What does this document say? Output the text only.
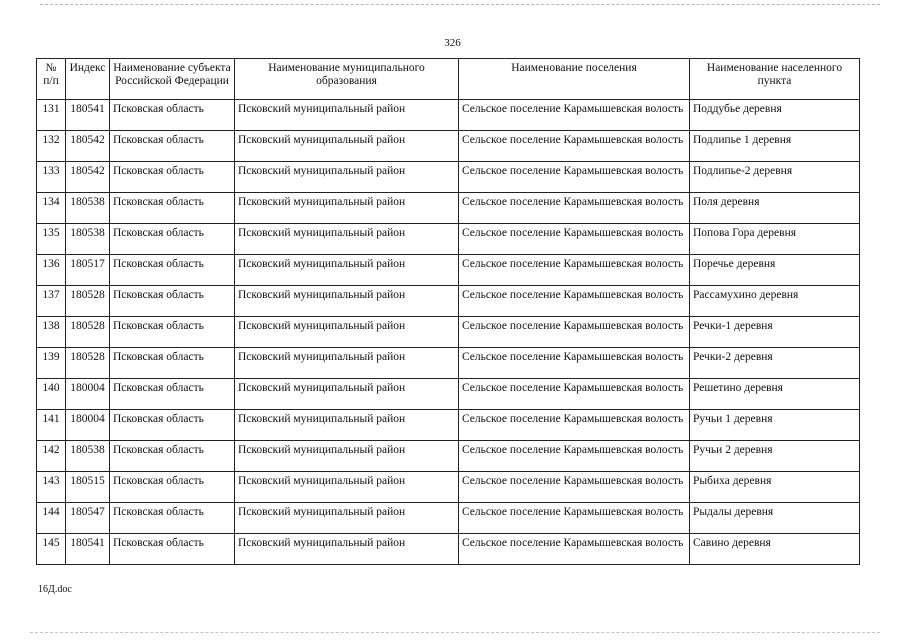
326
№ п/п	Индекс	Наименование субъекта Российской Федерации	Наименование муниципального образования	Наименование поселения	Наименование населенного пункта
131	180541	Псковская область	Псковский муниципальный район	Сельское поселение Карамышевская волость	Поддубье деревня
132	180542	Псковская область	Псковский муниципальный район	Сельское поселение Карамышевская волость	Подлипье 1 деревня
133	180542	Псковская область	Псковский муниципальный район	Сельское поселение Карамышевская волость	Подлипье-2 деревня
134	180538	Псковская область	Псковский муниципальный район	Сельское поселение Карамышевская волость	Поля деревня
135	180538	Псковская область	Псковский муниципальный район	Сельское поселение Карамышевская волость	Попова Гора деревня
136	180517	Псковская область	Псковский муниципальный район	Сельское поселение Карамышевская волость	Поречье деревня
137	180528	Псковская область	Псковский муниципальный район	Сельское поселение Карамышевская волость	Рассамухино деревня
138	180528	Псковская область	Псковский муниципальный район	Сельское поселение Карамышевская волость	Речки-1 деревня
139	180528	Псковская область	Псковский муниципальный район	Сельское поселение Карамышевская волость	Речки-2 деревня
140	180004	Псковская область	Псковский муниципальный район	Сельское поселение Карамышевская волость	Решетино деревня
141	180004	Псковская область	Псковский муниципальный район	Сельское поселение Карамышевская волость	Ручьи 1 деревня
142	180538	Псковская область	Псковский муниципальный район	Сельское поселение Карамышевская волость	Ручьи 2 деревня
143	180515	Псковская область	Псковский муниципальный район	Сельское поселение Карамышевская волость	Рыбиха деревня
144	180547	Псковская область	Псковский муниципальный район	Сельское поселение Карамышевская волость	Рыдалы деревня
145	180541	Псковская область	Псковский муниципальный район	Сельское поселение Карамышевская волость	Савино деревня
16Д.doc
